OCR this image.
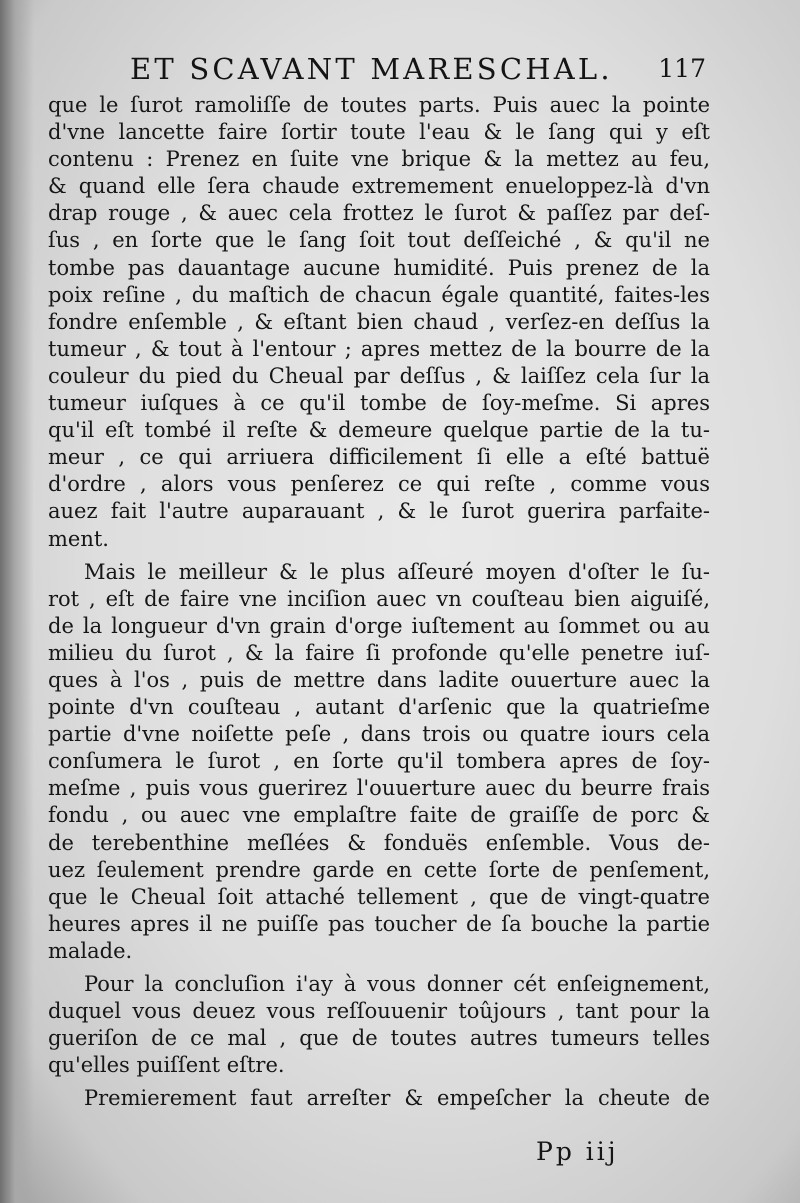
ET SCAVANT MARESCHAL. 117
que le ſurot ramoliſſe de toutes parts. Puis auec la pointe
d'vne lancette faire ſortir toute l'eau & le ſang qui y eſt
contenu : Prenez en ſuite vne brique & la mettez au feu,
& quand elle ſera chaude extremement enueloppez-là d'vn
drap rouge , & auec cela frottez le ſurot & paſſez par deſ-
ſus , en ſorte que le ſang ſoit tout deſſeiché , & qu'il ne
tombe pas dauantage aucune humidité. Puis prenez de la
poix reſine , du maſtich de chacun égale quantité, faites-les
fondre enſemble , & eſtant bien chaud , verſez-en deſſus la
tumeur , & tout à l'entour ; apres mettez de la bourre de la
couleur du pied du Cheual par deſſus , & laiſſez cela ſur la
tumeur iuſques à ce qu'il tombe de ſoy-meſme. Si apres
qu'il eſt tombé il reſte & demeure quelque partie de la tu-
meur , ce qui arriuera difficilement ſi elle a eſté battuë
d'ordre , alors vous penſerez ce qui reſte , comme vous
auez fait l'autre auparauant , & le ſurot guerira parfaite-
ment.
Mais le meilleur & le plus aſſeuré moyen d'oſter le ſu-
rot , eſt de faire vne inciſion auec vn couſteau bien aiguiſé,
de la longueur d'vn grain d'orge iuſtement au ſommet ou au
milieu du ſurot , & la faire ſi profonde qu'elle penetre iuſ-
ques à l'os , puis de mettre dans ladite ouuerture auec la
pointe d'vn couſteau , autant d'arſenic que la quatrieſme
partie d'vne noiſette peſe , dans trois ou quatre iours cela
conſumera le ſurot , en ſorte qu'il tombera apres de ſoy-
meſme , puis vous guerirez l'ouuerture auec du beurre frais
fondu , ou auec vne emplaſtre faite de graiſſe de porc &
de terebenthine meſlées & fonduës enſemble. Vous de-
uez ſeulement prendre garde en cette ſorte de penſement,
que le Cheual ſoit attaché tellement , que de vingt-quatre
heures apres il ne puiſſe pas toucher de ſa bouche la partie
malade.
Pour la concluſion i'ay à vous donner cét enſeignement,
duquel vous deuez vous reſſouuenir toûjours , tant pour la
gueriſon de ce mal , que de toutes autres tumeurs telles
qu'elles puiſſent eſtre.
Premierement faut arreſter & empeſcher la cheute de
Pp iij
